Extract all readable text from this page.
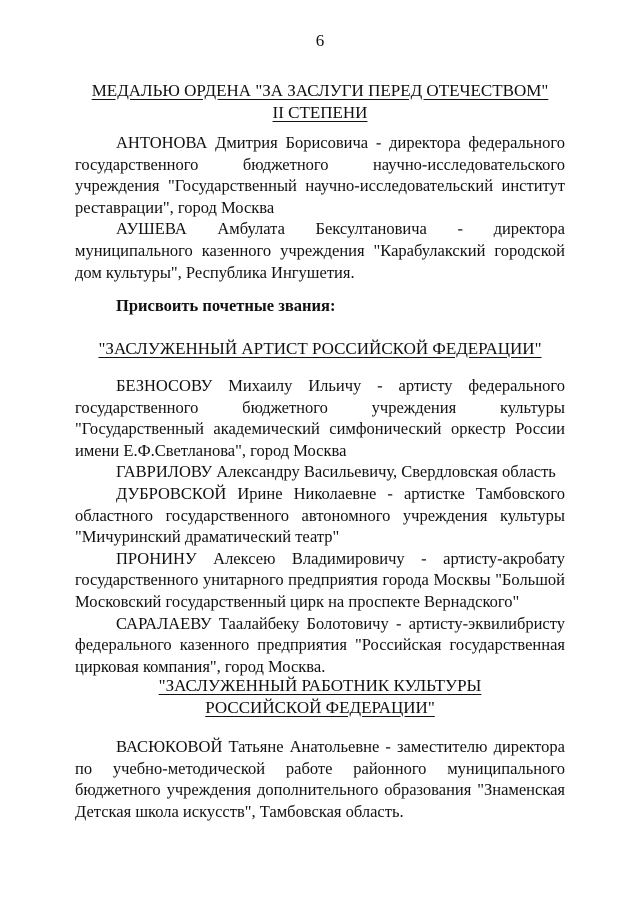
6
МЕДАЛЬЮ ОРДЕНА "ЗА ЗАСЛУГИ ПЕРЕД ОТЕЧЕСТВОМ"
II СТЕПЕНИ

АНТОНОВА Дмитрия Борисовича - директора федерального государственного бюджетного научно-исследовательского учреждения "Государственный научно-исследовательский институт реставрации", город Москва

АУШЕВА Амбулата Бексултановича - директора муниципального казенного учреждения "Карабулакский городской дом культуры", Республика Ингушетия.

Присвоить почетные звания:
"ЗАСЛУЖЕННЫЙ АРТИСТ РОССИЙСКОЙ ФЕДЕРАЦИИ"

БЕЗНОСОВУ Михаилу Ильичу - артисту федерального государственного бюджетного учреждения культуры "Государственный академический симфонический оркестр России имени Е.Ф.Светланова", город Москва

ГАВРИЛОВУ Александру Васильевичу, Свердловская область

ДУБРОВСКОЙ Ирине Николаевне - артистке Тамбовского областного государственного автономного учреждения культуры "Мичуринский драматический театр"

ПРОНИНУ Алексею Владимировичу - артисту-акробату государственного унитарного предприятия города Москвы "Большой Московский государственный цирк на проспекте Вернадского"

САРАЛАЕВУ Таалайбеку Болотовичу - артисту-эквилибристу федерального казенного предприятия "Российская государственная цирковая компания", город Москва.

"ЗАСЛУЖЕННЫЙ РАБОТНИК КУЛЬТУРЫ
РОССИЙСКОЙ ФЕДЕРАЦИИ"

ВАСЮКОВОЙ Татьяне Анатольевне - заместителю директора по учебно-методической работе районного муниципального бюджетного учреждения дополнительного образования "Знаменская Детская школа искусств", Тамбовская область.
